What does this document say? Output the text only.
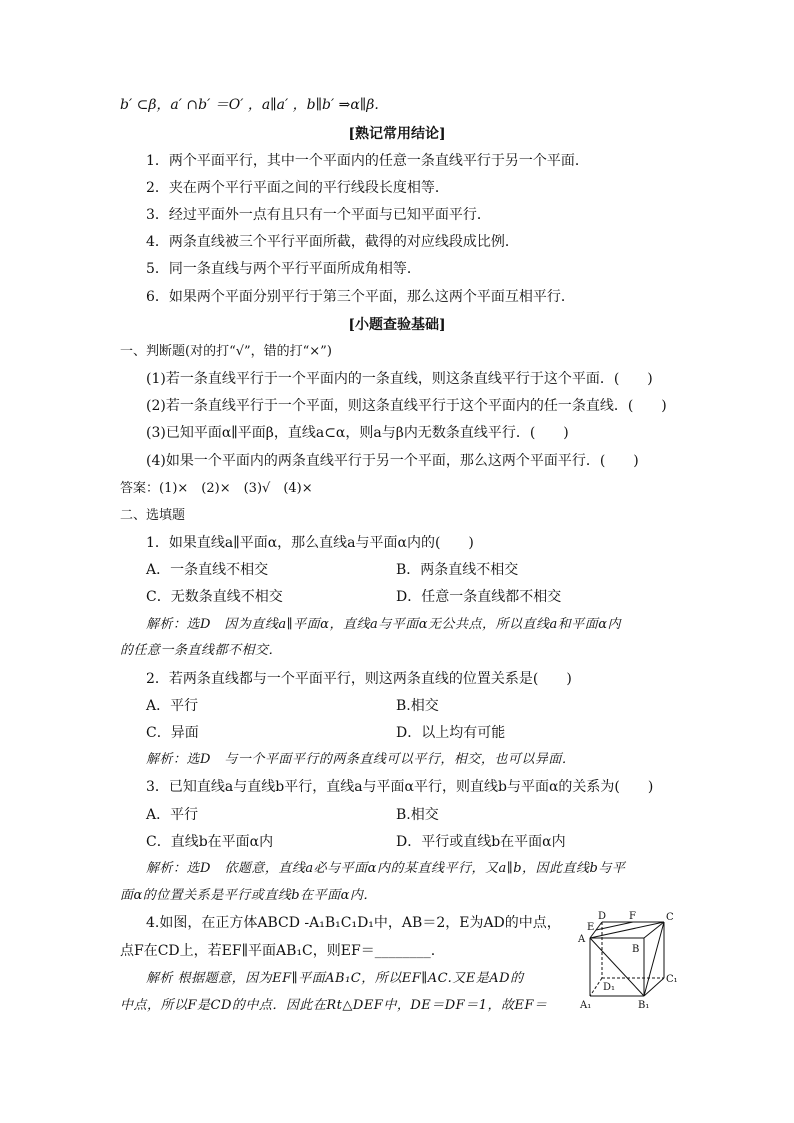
b′ ⊂β，a′ ∩b′ ＝O′ ，a∥a′ ，b∥b′ ⇒α∥β.
[熟记常用结论]
1．两个平面平行，其中一个平面内的任意一条直线平行于另一个平面．
2．夹在两个平行平面之间的平行线段长度相等．
3．经过平面外一点有且只有一个平面与已知平面平行．
4．两条直线被三个平行平面所截，截得的对应线段成比例．
5．同一条直线与两个平行平面所成角相等．
6．如果两个平面分别平行于第三个平面，那么这两个平面互相平行．
[小题查验基础]
一、判断题(对的打“√”，错的打“×”)
(1)若一条直线平行于一个平面内的一条直线，则这条直线平行于这个平面．(　　)
(2)若一条直线平行于一个平面，则这条直线平行于这个平面内的任一条直线．(　　)
(3)已知平面α∥平面β，直线a⊂α，则a与β内无数条直线平行．(　　)
(4)如果一个平面内的两条直线平行于另一个平面，那么这两个平面平行．(　　)
答案：(1)×　(2)×　(3)√　(4)×
二、选填题
1．如果直线a∥平面α，那么直线a与平面α内的(　　)
A．一条直线不相交	B．两条直线不相交
C．无数条直线不相交	D．任意一条直线都不相交
解析：选D　因为直线a∥平面α，直线a与平面α无公共点，所以直线a和平面α内
的任意一条直线都不相交．
2．若两条直线都与一个平面平行，则这两条直线的位置关系是(　　)
A．平行	B.相交
C．异面	D．以上均有可能
解析：选D　与一个平面平行的两条直线可以平行，相交，也可以异面．
3．已知直线a与直线b平行，直线a与平面α平行，则直线b与平面α的关系为(　　)
A．平行	B.相交
C．直线b在平面α内	D．平行或直线b在平面α内
解析：选D　依题意，直线a必与平面α内的某直线平行，又a∥b，因此直线b与平
面α的位置关系是平行或直线b在平面α内．
4.如图，在正方体ABCD -A₁B₁C₁D₁中，AB＝2，E为AD的中点，
点F在CD上，若EF∥平面AB₁C，则EF＝________.
解析 根据题意，因为EF∥平面AB₁C，所以EF∥AC.又E是AD的
中点，所以F是CD的中点．因此在Rt△DEF中，DE＝DF＝1，故EF＝
D F	C
E
A
B
D₁
C₁
A₁	B₁
